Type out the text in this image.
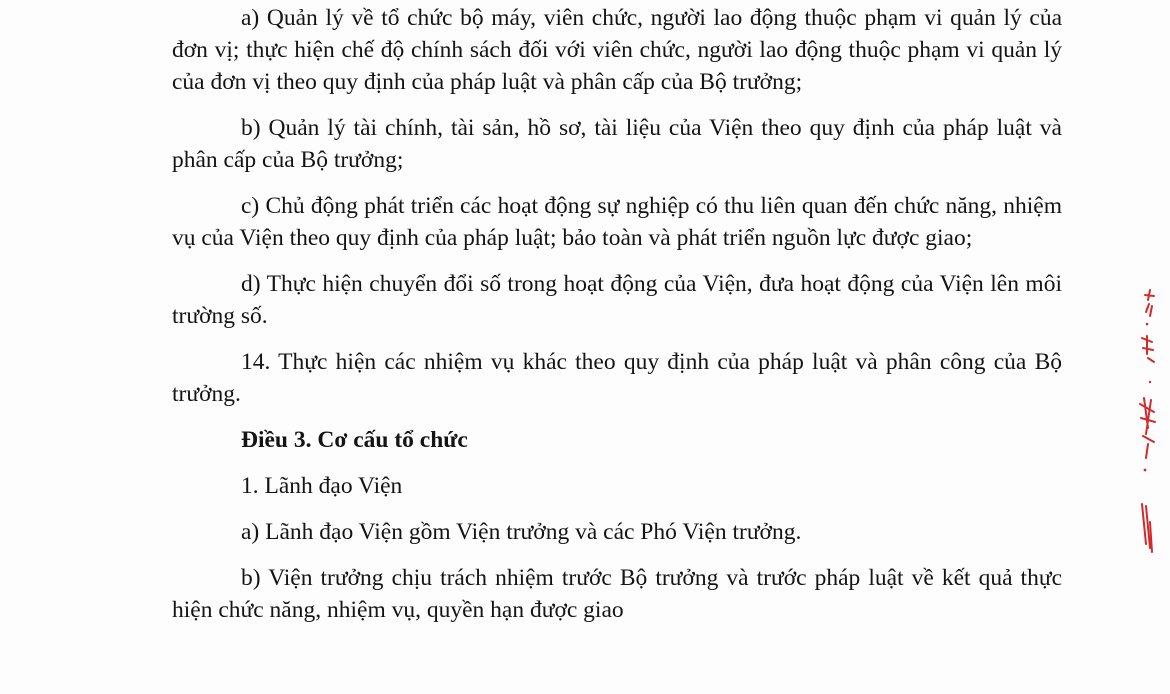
a) Quản lý về tổ chức bộ máy, viên chức, người lao động thuộc phạm vi quản lý của đơn vị; thực hiện chế độ chính sách đối với viên chức, người lao động thuộc phạm vi quản lý của đơn vị theo quy định của pháp luật và phân cấp của Bộ trưởng;

b) Quản lý tài chính, tài sản, hồ sơ, tài liệu của Viện theo quy định của pháp luật và phân cấp của Bộ trưởng;

c) Chủ động phát triển các hoạt động sự nghiệp có thu liên quan đến chức năng, nhiệm vụ của Viện theo quy định của pháp luật; bảo toàn và phát triển nguồn lực được giao;

d) Thực hiện chuyển đổi số trong hoạt động của Viện, đưa hoạt động của Viện lên môi trường số.

14. Thực hiện các nhiệm vụ khác theo quy định của pháp luật và phân công của Bộ trưởng.

Điều 3. Cơ cấu tổ chức

1. Lãnh đạo Viện

a) Lãnh đạo Viện gồm Viện trưởng và các Phó Viện trưởng.

b) Viện trưởng chịu trách nhiệm trước Bộ trưởng và trước pháp luật về kết quả thực hiện chức năng, nhiệm vụ, quyền hạn được giao
